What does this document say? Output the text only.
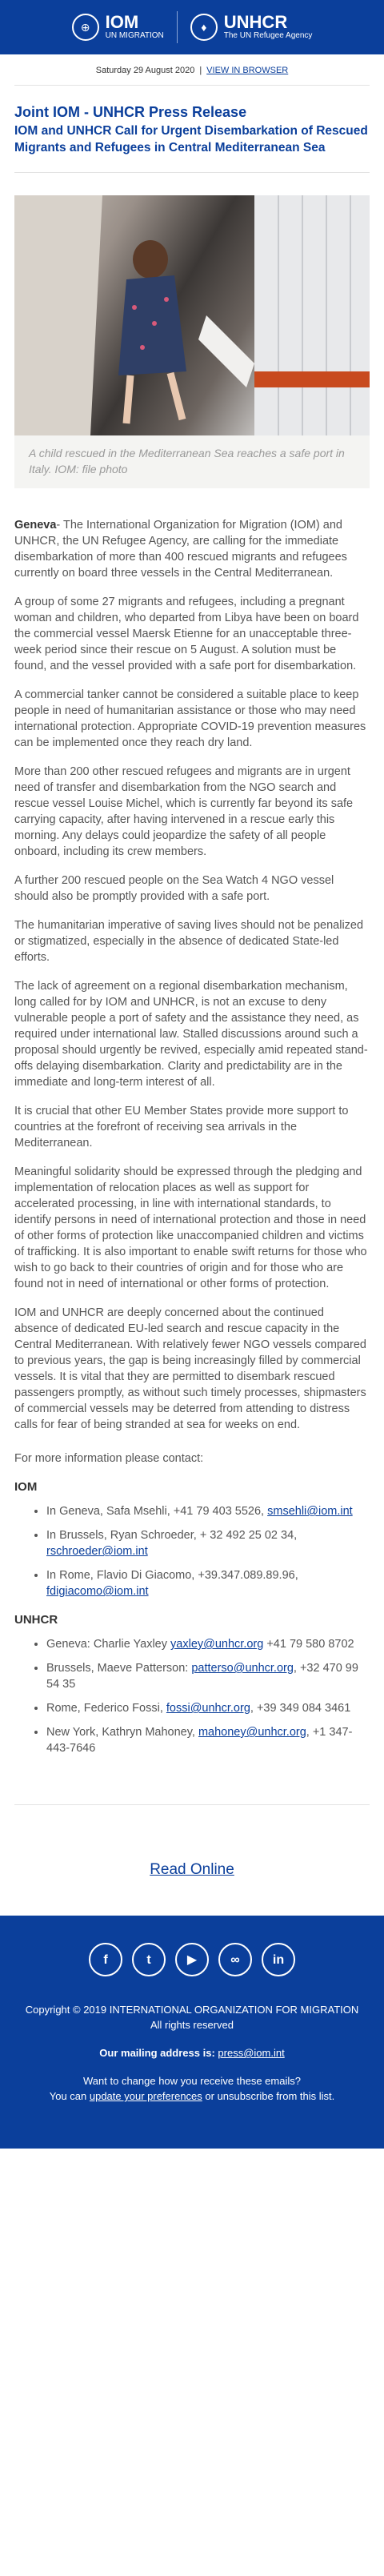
⊕ IOM
UN MIGRATION
♦ UNHCR
The UN Refugee Agency
Saturday 29 August 2020 | VIEW IN BROWSER
Joint IOM - UNHCR Press Release
IOM and UNHCR Call for Urgent Disembarkation of Rescued Migrants and Refugees in Central Mediterranean Sea
A child rescued in the Mediterranean Sea reaches a safe port in Italy. IOM: file photo

Geneva- The International Organization for Migration (IOM) and UNHCR, the UN Refugee Agency, are calling for the immediate disembarkation of more than 400 rescued migrants and refugees currently on board three vessels in the Central Mediterranean.

A group of some 27 migrants and refugees, including a pregnant woman and children, who departed from Libya have been on board the commercial vessel Maersk Etienne for an unacceptable three-week period since their rescue on 5 August. A solution must be found, and the vessel provided with a safe port for disembarkation.

A commercial tanker cannot be considered a suitable place to keep people in need of humanitarian assistance or those who may need international protection. Appropriate COVID-19 prevention measures can be implemented once they reach dry land.

More than 200 other rescued refugees and migrants are in urgent need of transfer and disembarkation from the NGO search and rescue vessel Louise Michel, which is currently far beyond its safe carrying capacity, after having intervened in a rescue early this morning. Any delays could jeopardize the safety of all people onboard, including its crew members.

A further 200 rescued people on the Sea Watch 4 NGO vessel should also be promptly provided with a safe port.

The humanitarian imperative of saving lives should not be penalized or stigmatized, especially in the absence of dedicated State-led efforts.

The lack of agreement on a regional disembarkation mechanism, long called for by IOM and UNHCR, is not an excuse to deny vulnerable people a port of safety and the assistance they need, as required under international law. Stalled discussions around such a proposal should urgently be revived, especially amid repeated stand-offs delaying disembarkation. Clarity and predictability are in the immediate and long-term interest of all.

It is crucial that other EU Member States provide more support to countries at the forefront of receiving sea arrivals in the Mediterranean.

Meaningful solidarity should be expressed through the pledging and implementation of relocation places as well as support for accelerated processing, in line with international standards, to identify persons in need of international protection and those in need of other forms of protection like unaccompanied children and victims of trafficking. It is also important to enable swift returns for those who wish to go back to their countries of origin and for those who are found not in need of international or other forms of protection.

IOM and UNHCR are deeply concerned about the continued absence of dedicated EU-led search and rescue capacity in the Central Mediterranean. With relatively fewer NGO vessels compared to previous years, the gap is being increasingly filled by commercial vessels. It is vital that they are permitted to disembark rescued passengers promptly, as without such timely processes, shipmasters of commercial vessels may be deterred from attending to distress calls for fear of being stranded at sea for weeks on end.

For more information please contact:

IOM
• In Geneva, Safa Msehli, +41 79 403 5526, smsehli@iom.int
• In Brussels, Ryan Schroeder, + 32 492 25 02 34, rschroeder@iom.int
• In Rome, Flavio Di Giacomo, +39.347.089.89.96, fdigiacomo@iom.int
UNHCR
• Geneva: Charlie Yaxley yaxley@unhcr.org +41 79 580 8702
• Brussels, Maeve Patterson: patterso@unhcr.org, +32 470 99 54 35
• Rome, Federico Fossi, fossi@unhcr.org, +39 349 084 3461
• New York, Kathryn Mahoney, mahoney@unhcr.org, +1 347-443-7646
Read Online
f	t	▶	∞	in

Copyright © 2019 INTERNATIONAL ORGANIZATION FOR MIGRATION
All rights reserved

Our mailing address is: press@iom.int

Want to change how you receive these emails?
You can update your preferences or unsubscribe from this list.
